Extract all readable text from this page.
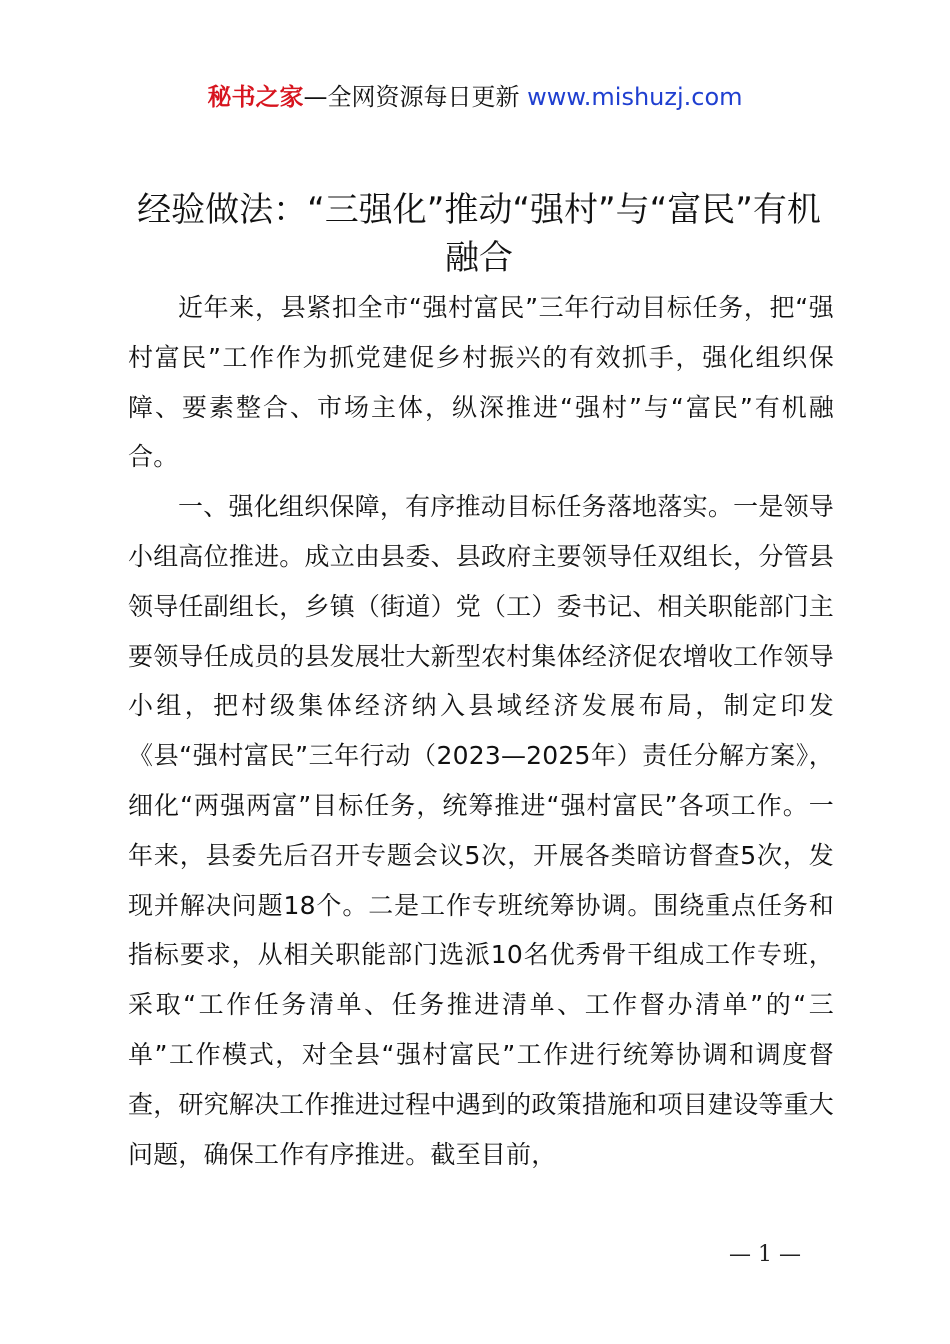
秘书之家—全网资源每日更新 www.mishuzj.com
经验做法：“三强化”推动“强村”与“富民”有机融合

近年来，县紧扣全市“强村富民”三年行动目标任务，把“强村富民”工作作为抓党建促乡村振兴的有效抓手，强化组织保障、要素整合、市场主体，纵深推进“强村”与“富民”有机融合。

一、强化组织保障，有序推动目标任务落地落实。一是领导小组高位推进。成立由县委、县政府主要领导任双组长，分管县领导任副组长，乡镇（街道）党（工）委书记、相关职能部门主要领导任成员的县发展壮大新型农村集体经济促农增收工作领导小组，把村级集体经济纳入县域经济发展布局，制定印发《县“强村富民”三年行动（2023—2025年）责任分解方案》，细化“两强两富”目标任务，统筹推进“强村富民”各项工作。一年来，县委先后召开专题会议5次，开展各类暗访督查5次，发现并解决问题18个。二是工作专班统筹协调。围绕重点任务和指标要求，从相关职能部门选派10名优秀骨干组成工作专班，采取“工作任务清单、任务推进清单、工作督办清单”的“三单”工作模式，对全县“强村富民”工作进行统筹协调和调度督查，研究解决工作推进过程中遇到的政策措施和项目建设等重大问题，确保工作有序推进。截至目前，

— 1 —
